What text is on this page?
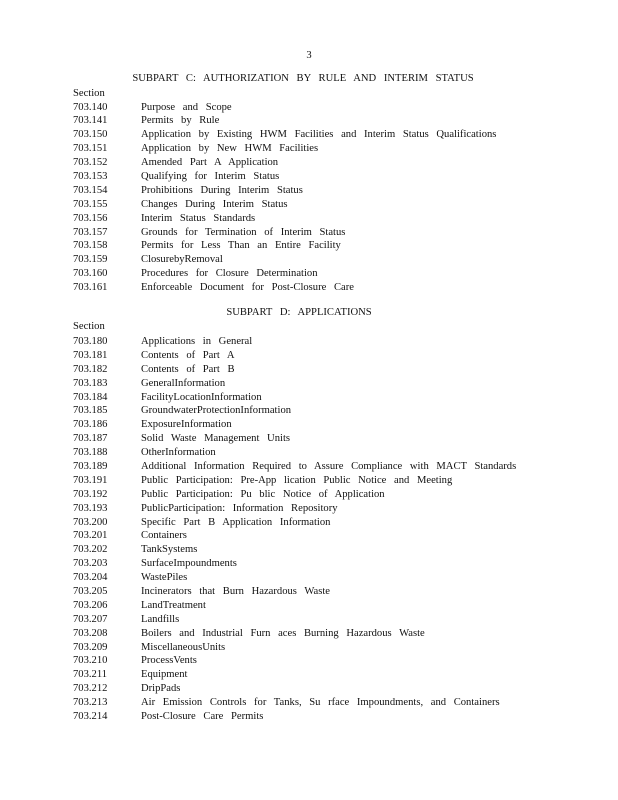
3
SUBPART C: AUTHORIZATION BY RULE AND INTERIM STATUS
Section
703.140	Purpose and Scope
703.141	Permits by Rule
703.150	Application by Existing HWM Facilities and Interim Status Qualifications
703.151	Application by New HWM Facilities
703.152	Amended Part A Application
703.153	Qualifying for Interim Status
703.154	Prohibitions During Interim Status
703.155	Changes During Interim Status
703.156	Interim Status Standards
703.157	Grounds for Termination of Interim Status
703.158	Permits for Less Than an Entire Facility
703.159	ClosurebyRemoval
703.160	Procedures for Closure Determination
703.161	Enforceable Document for Post-Closure Care
SUBPART D: APPLICATIONS
Section
703.180	Applications in General
703.181	Contents of Part A
703.182	Contents of Part B
703.183	GeneralInformation
703.184	FacilityLocationInformation
703.185	GroundwaterProtectionInformation
703.186	ExposureInformation
703.187	Solid Waste Management Units
703.188	OtherInformation
703.189	Additional Information Required to Assure Compliance with MACT Standards
703.191	Public Participation: Pre-App lication Public Notice and Meeting
703.192	Public Participation: Pu blic Notice of Application
703.193	PublicParticipation: Information Repository
703.200	Specific Part B Application Information
703.201	Containers
703.202	TankSystems
703.203	SurfaceImpoundments
703.204	WastePiles
703.205	Incinerators that Burn Hazardous Waste
703.206	LandTreatment
703.207	Landfills
703.208	Boilers and Industrial Furn aces Burning Hazardous Waste
703.209	MiscellaneousUnits
703.210	ProcessVents
703.211	Equipment
703.212	DripPads
703.213	Air Emission Controls for Tanks, Su rface Impoundments, and Containers
703.214	Post-Closure Care Permits
